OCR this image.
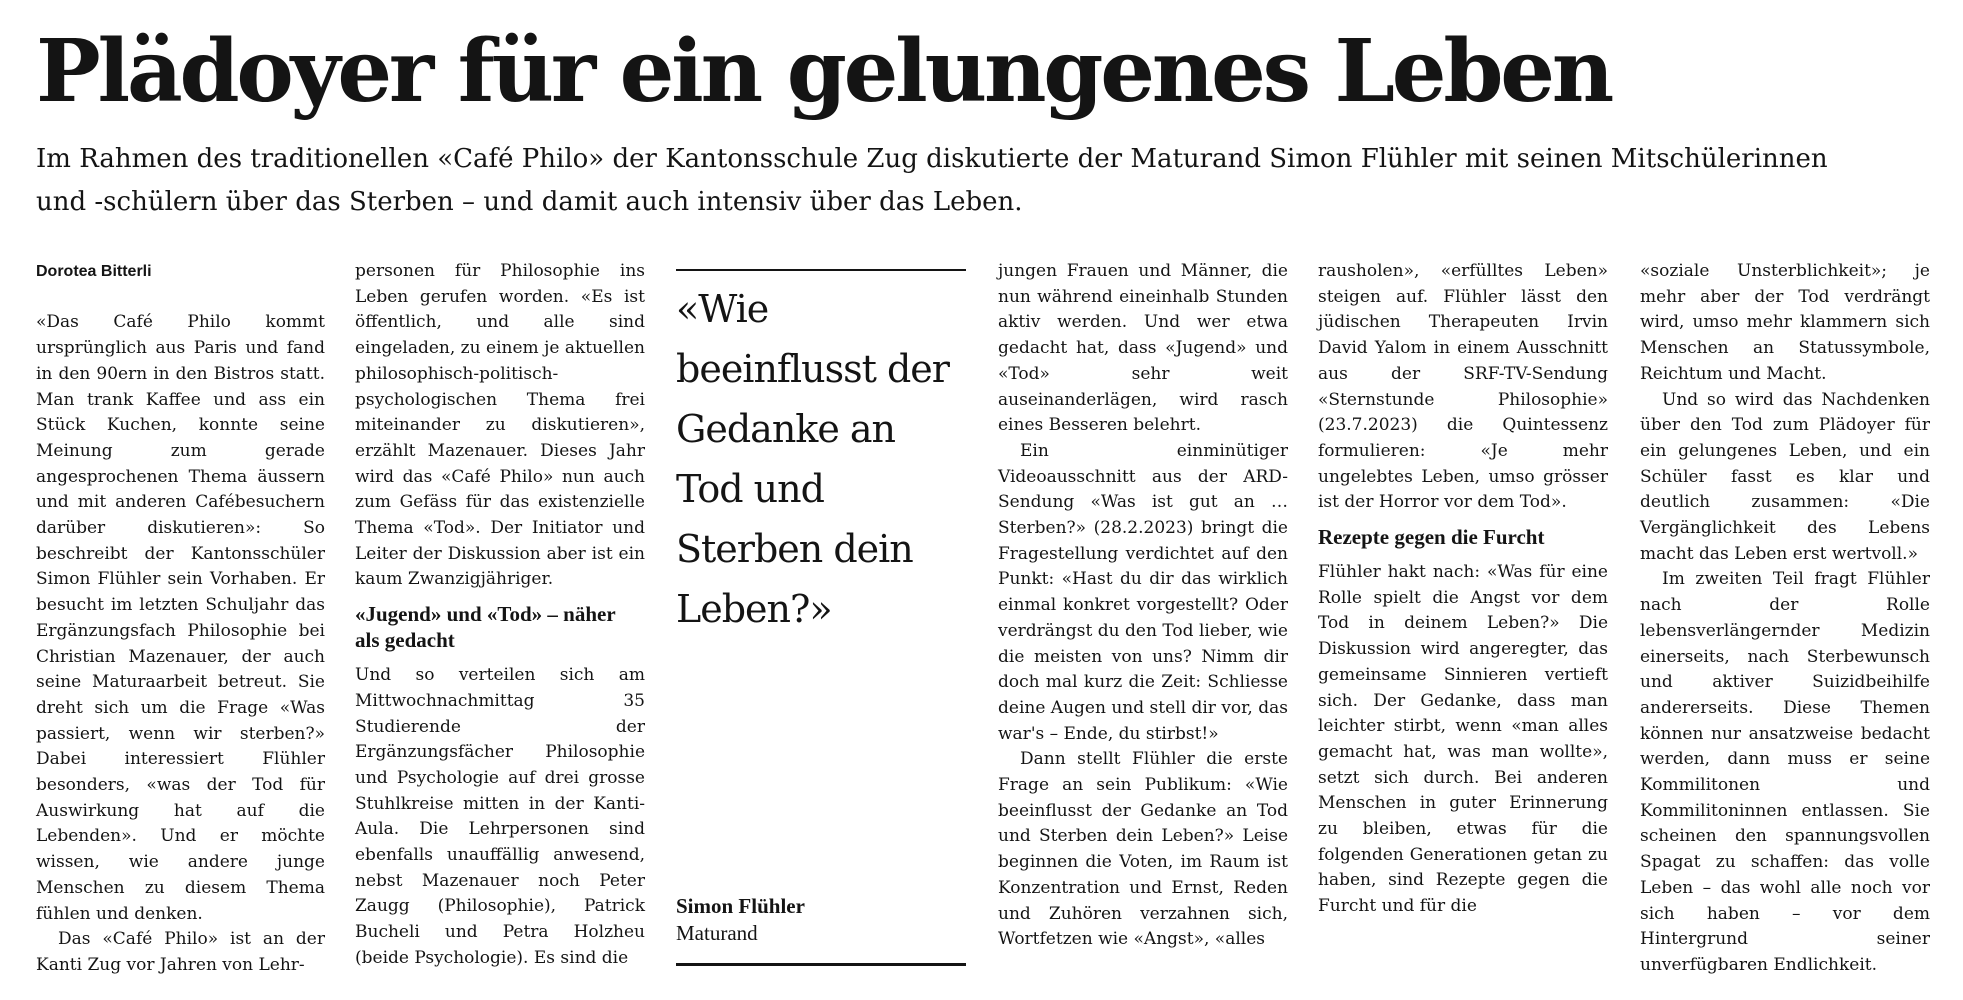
Plädoyer für ein gelungenes Leben

Im Rahmen des traditionellen «Café Philo» der Kantonsschule Zug diskutierte der Maturand Simon Flühler mit seinen Mitschülerinnen

und -schülern über das Sterben – und damit auch intensiv über das Leben.

Dorotea Bitterli

«Das Café Philo kommt ursprünglich aus Paris und fand in den 90ern in den Bistros statt. Man trank Kaffee und ass ein Stück Kuchen, konnte seine Meinung zum gerade angesprochenen Thema äussern und mit anderen Cafébesuchern darüber diskutieren»: So beschreibt der Kantonsschüler Simon Flühler sein Vorhaben. Er besucht im letzten Schuljahr das Ergänzungsfach Philosophie bei Christian Mazenauer, der auch seine Maturaarbeit betreut. Sie dreht sich um die Frage «Was passiert, wenn wir sterben?» Dabei interessiert Flühler besonders, «was der Tod für Auswirkung hat auf die Lebenden». Und er möchte wissen, wie andere junge Menschen zu diesem Thema fühlen und denken.

Das «Café Philo» ist an der Kanti Zug vor Jahren von Lehr-

personen für Philosophie ins Leben gerufen worden. «Es ist öffentlich, und alle sind eingeladen, zu einem je aktuellen philosophisch-politisch-psychologischen Thema frei miteinander zu diskutieren», erzählt Mazenauer. Dieses Jahr wird das «Café Philo» nun auch zum Gefäss für das existenzielle Thema «Tod». Der Initiator und Leiter der Diskussion aber ist ein kaum Zwanzigjähriger.

«Jugend» und «Tod» – näher als gedacht

Und so verteilen sich am Mittwochnachmittag 35 Studierende der Ergänzungsfächer Philosophie und Psychologie auf drei grosse Stuhlkreise mitten in der Kanti-Aula. Die Lehrpersonen sind ebenfalls unauffällig anwesend, nebst Mazenauer noch Peter Zaugg (Philosophie), Patrick Bucheli und Petra Holzheu (beide Psychologie). Es sind die

«Wie beeinflusst der Gedanke an Tod und Sterben dein Leben?»

Simon Flühler

Maturand

jungen Frauen und Männer, die nun während eineinhalb Stunden aktiv werden. Und wer etwa gedacht hat, dass «Jugend» und «Tod» sehr weit auseinanderlägen, wird rasch eines Besseren belehrt.

Ein einminütiger Videoausschnitt aus der ARD-Sendung «Was ist gut an … Sterben?» (28.2.2023) bringt die Fragestellung verdichtet auf den Punkt: «Hast du dir das wirklich einmal konkret vorgestellt? Oder verdrängst du den Tod lieber, wie die meisten von uns? Nimm dir doch mal kurz die Zeit: Schliesse deine Augen und stell dir vor, das war's – Ende, du stirbst!»

Dann stellt Flühler die erste Frage an sein Publikum: «Wie beeinflusst der Gedanke an Tod und Sterben dein Leben?» Leise beginnen die Voten, im Raum ist Konzentration und Ernst, Reden und Zuhören verzahnen sich, Wortfetzen wie «Angst», «alles

rausholen», «erfülltes Leben» steigen auf. Flühler lässt den jüdischen Therapeuten Irvin David Yalom in einem Ausschnitt aus der SRF-TV-Sendung «Sternstunde Philosophie» (23.7.2023) die Quintessenz formulieren: «Je mehr ungelebtes Leben, umso grösser ist der Horror vor dem Tod».

Rezepte gegen die Furcht

Flühler hakt nach: «Was für eine Rolle spielt die Angst vor dem Tod in deinem Leben?» Die Diskussion wird angeregter, das gemeinsame Sinnieren vertieft sich. Der Gedanke, dass man leichter stirbt, wenn «man alles gemacht hat, was man wollte», setzt sich durch. Bei anderen Menschen in guter Erinnerung zu bleiben, etwas für die folgenden Generationen getan zu haben, sind Rezepte gegen die Furcht und für die

«soziale Unsterblichkeit»; je mehr aber der Tod verdrängt wird, umso mehr klammern sich Menschen an Statussymbole, Reichtum und Macht.

Und so wird das Nachdenken über den Tod zum Plädoyer für ein gelungenes Leben, und ein Schüler fasst es klar und deutlich zusammen: «Die Vergänglichkeit des Lebens macht das Leben erst wertvoll.»

Im zweiten Teil fragt Flühler nach der Rolle lebensverlängernder Medizin einerseits, nach Sterbewunsch und aktiver Suizidbeihilfe andererseits. Diese Themen können nur ansatzweise bedacht werden, dann muss er seine Kommilitonen und Kommilitoninnen entlassen. Sie scheinen den spannungsvollen Spagat zu schaffen: das volle Leben – das wohl alle noch vor sich haben – vor dem Hintergrund seiner unverfügbaren Endlichkeit.
